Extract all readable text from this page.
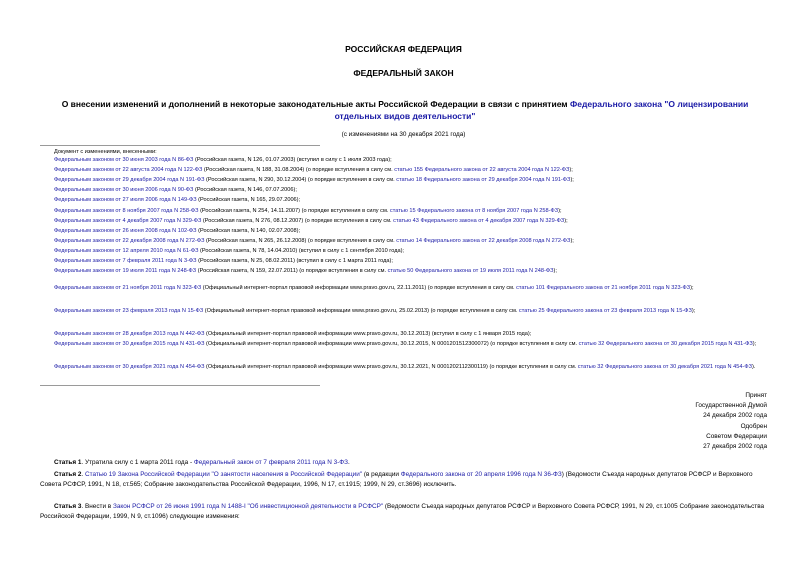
РОССИЙСКАЯ ФЕДЕРАЦИЯ
ФЕДЕРАЛЬНЫЙ ЗАКОН
О внесении изменений и дополнений в некоторые законодательные акты Российской Федерации в связи с принятием Федерального закона "О лицензировании
отдельных видов деятельности"
(с изменениями на 30 декабря 2021 года)
Документ с изменениями, внесенными:
Федеральным законом от 30 июня 2003 года N 86-ФЗ (Российская газета, N 126, 01.07.2003) (вступил в силу с 1 июля 2003 года);
Федеральным законом от 22 августа 2004 года N 122-ФЗ (Российская газета, N 188, 31.08.2004) (о порядке вступления в силу см. статью 155 Федерального закона от 22 августа 2004 года N 122-ФЗ);
Федеральным законом от 29 декабря 2004 года N 191-ФЗ (Российская газета, N 290, 30.12.2004) (о порядке вступления в силу см. статью 18 Федерального закона от 29 декабря 2004 года N 191-ФЗ);
Федеральным законом от 30 июня 2006 года N 90-ФЗ (Российская газета, N 146, 07.07.2006);
Федеральным законом от 27 июля 2006 года N 149-ФЗ (Российская газета, N 165, 29.07.2006);
Федеральным законом от 8 ноября 2007 года N 258-ФЗ (Российская газета, N 254, 14.11.2007) (о порядке вступления в силу см. статью 15 Федерального закона от 8 ноября 2007 года N 258-ФЗ);
Федеральным законом от 4 декабря 2007 года N 329-ФЗ (Российская газета, N 276, 08.12.2007) (о порядке вступления в силу см. статью 43 Федерального закона от 4 декабря 2007 года N 329-ФЗ);
Федеральным законом от 26 июня 2008 года N 102-ФЗ (Российская газета, N 140, 02.07.2008);
Федеральным законом от 22 декабря 2008 года N 272-ФЗ (Российская газета, N 265, 26.12.2008) (о порядке вступления в силу см. статью 14 Федерального закона от 22 декабря 2008 года N 272-ФЗ);
Федеральным законом от 12 апреля 2010 года N 61-ФЗ (Российская газета, N 78, 14.04.2010) (вступил в силу с 1 сентября 2010 года);
Федеральным законом от 7 февраля 2011 года N 3-ФЗ (Российская газета, N 25, 08.02.2011) (вступил в силу с 1 марта 2011 года);
Федеральным законом от 19 июля 2011 года N 248-ФЗ (Российская газета, N 159, 22.07.2011) (о порядке вступления в силу см. статью 50 Федерального закона от 19 июля 2011 года N 248-ФЗ);
Федеральным законом от 21 ноября 2011 года N 323-ФЗ (Официальный интернет-портал правовой информации www.pravo.gov.ru, 22.11.2011) (о порядке вступления в силу см. статью 101 Федерального закона от 21 ноября 2011 года N 323-ФЗ);
Федеральным законом от 23 февраля 2013 года N 15-ФЗ (Официальный интернет-портал правовой информации www.pravo.gov.ru, 25.02.2013) (о порядке вступления в силу см. статью 25 Федерального закона от 23 февраля 2013 года N 15-ФЗ);
Федеральным законом от 28 декабря 2013 года N 442-ФЗ (Официальный интернет-портал правовой информации www.pravo.gov.ru, 30.12.2013) (вступил в силу с 1 января 2015 года);
Федеральным законом от 30 декабря 2015 года N 431-ФЗ (Официальный интернет-портал правовой информации www.pravo.gov.ru, 30.12.2015, N 0001201512300072) (о порядке вступления в силу см. статью 32 Федерального закона от 30 декабря 2015 года N 431-ФЗ);
Федеральным законом от 30 декабря 2021 года N 454-ФЗ (Официальный интернет-портал правовой информации www.pravo.gov.ru, 30.12.2021, N 0001202112300119) (о порядке вступления в силу см. статью 32 Федерального закона от 30 декабря 2021 года N 454-ФЗ).
Принят
Государственной Думой
24 декабря 2002 года
Одобрен
Советом Федерации
27 декабря 2002 года
Статья 1. Утратила силу с 1 марта 2011 года - Федеральный закон от 7 февраля 2011 года N 3-ФЗ.
Статья 2. Статью 19 Закона Российской Федерации "О занятости населения в Российской Федерации" (в редакции Федерального закона от 20 апреля 1996 года N 36-ФЗ) (Ведомости Съезда народных депутатов РСФСР и Верховного Совета РСФСР, 1991, N 18, ст.565; Собрание законодательства Российской Федерации, 1996, N 17, ст.1915; 1999, N 29, ст.3696) исключить.
Статья 3. Внести в Закон РСФСР от 26 июня 1991 года N 1488-I "Об инвестиционной деятельности в РСФСР" (Ведомости Съезда народных депутатов РСФСР и Верховного Совета РСФСР, 1991, N 29, ст.1005 Собрание законодательства Российской Федерации, 1999, N 9, ст.1096) следующие изменения:
